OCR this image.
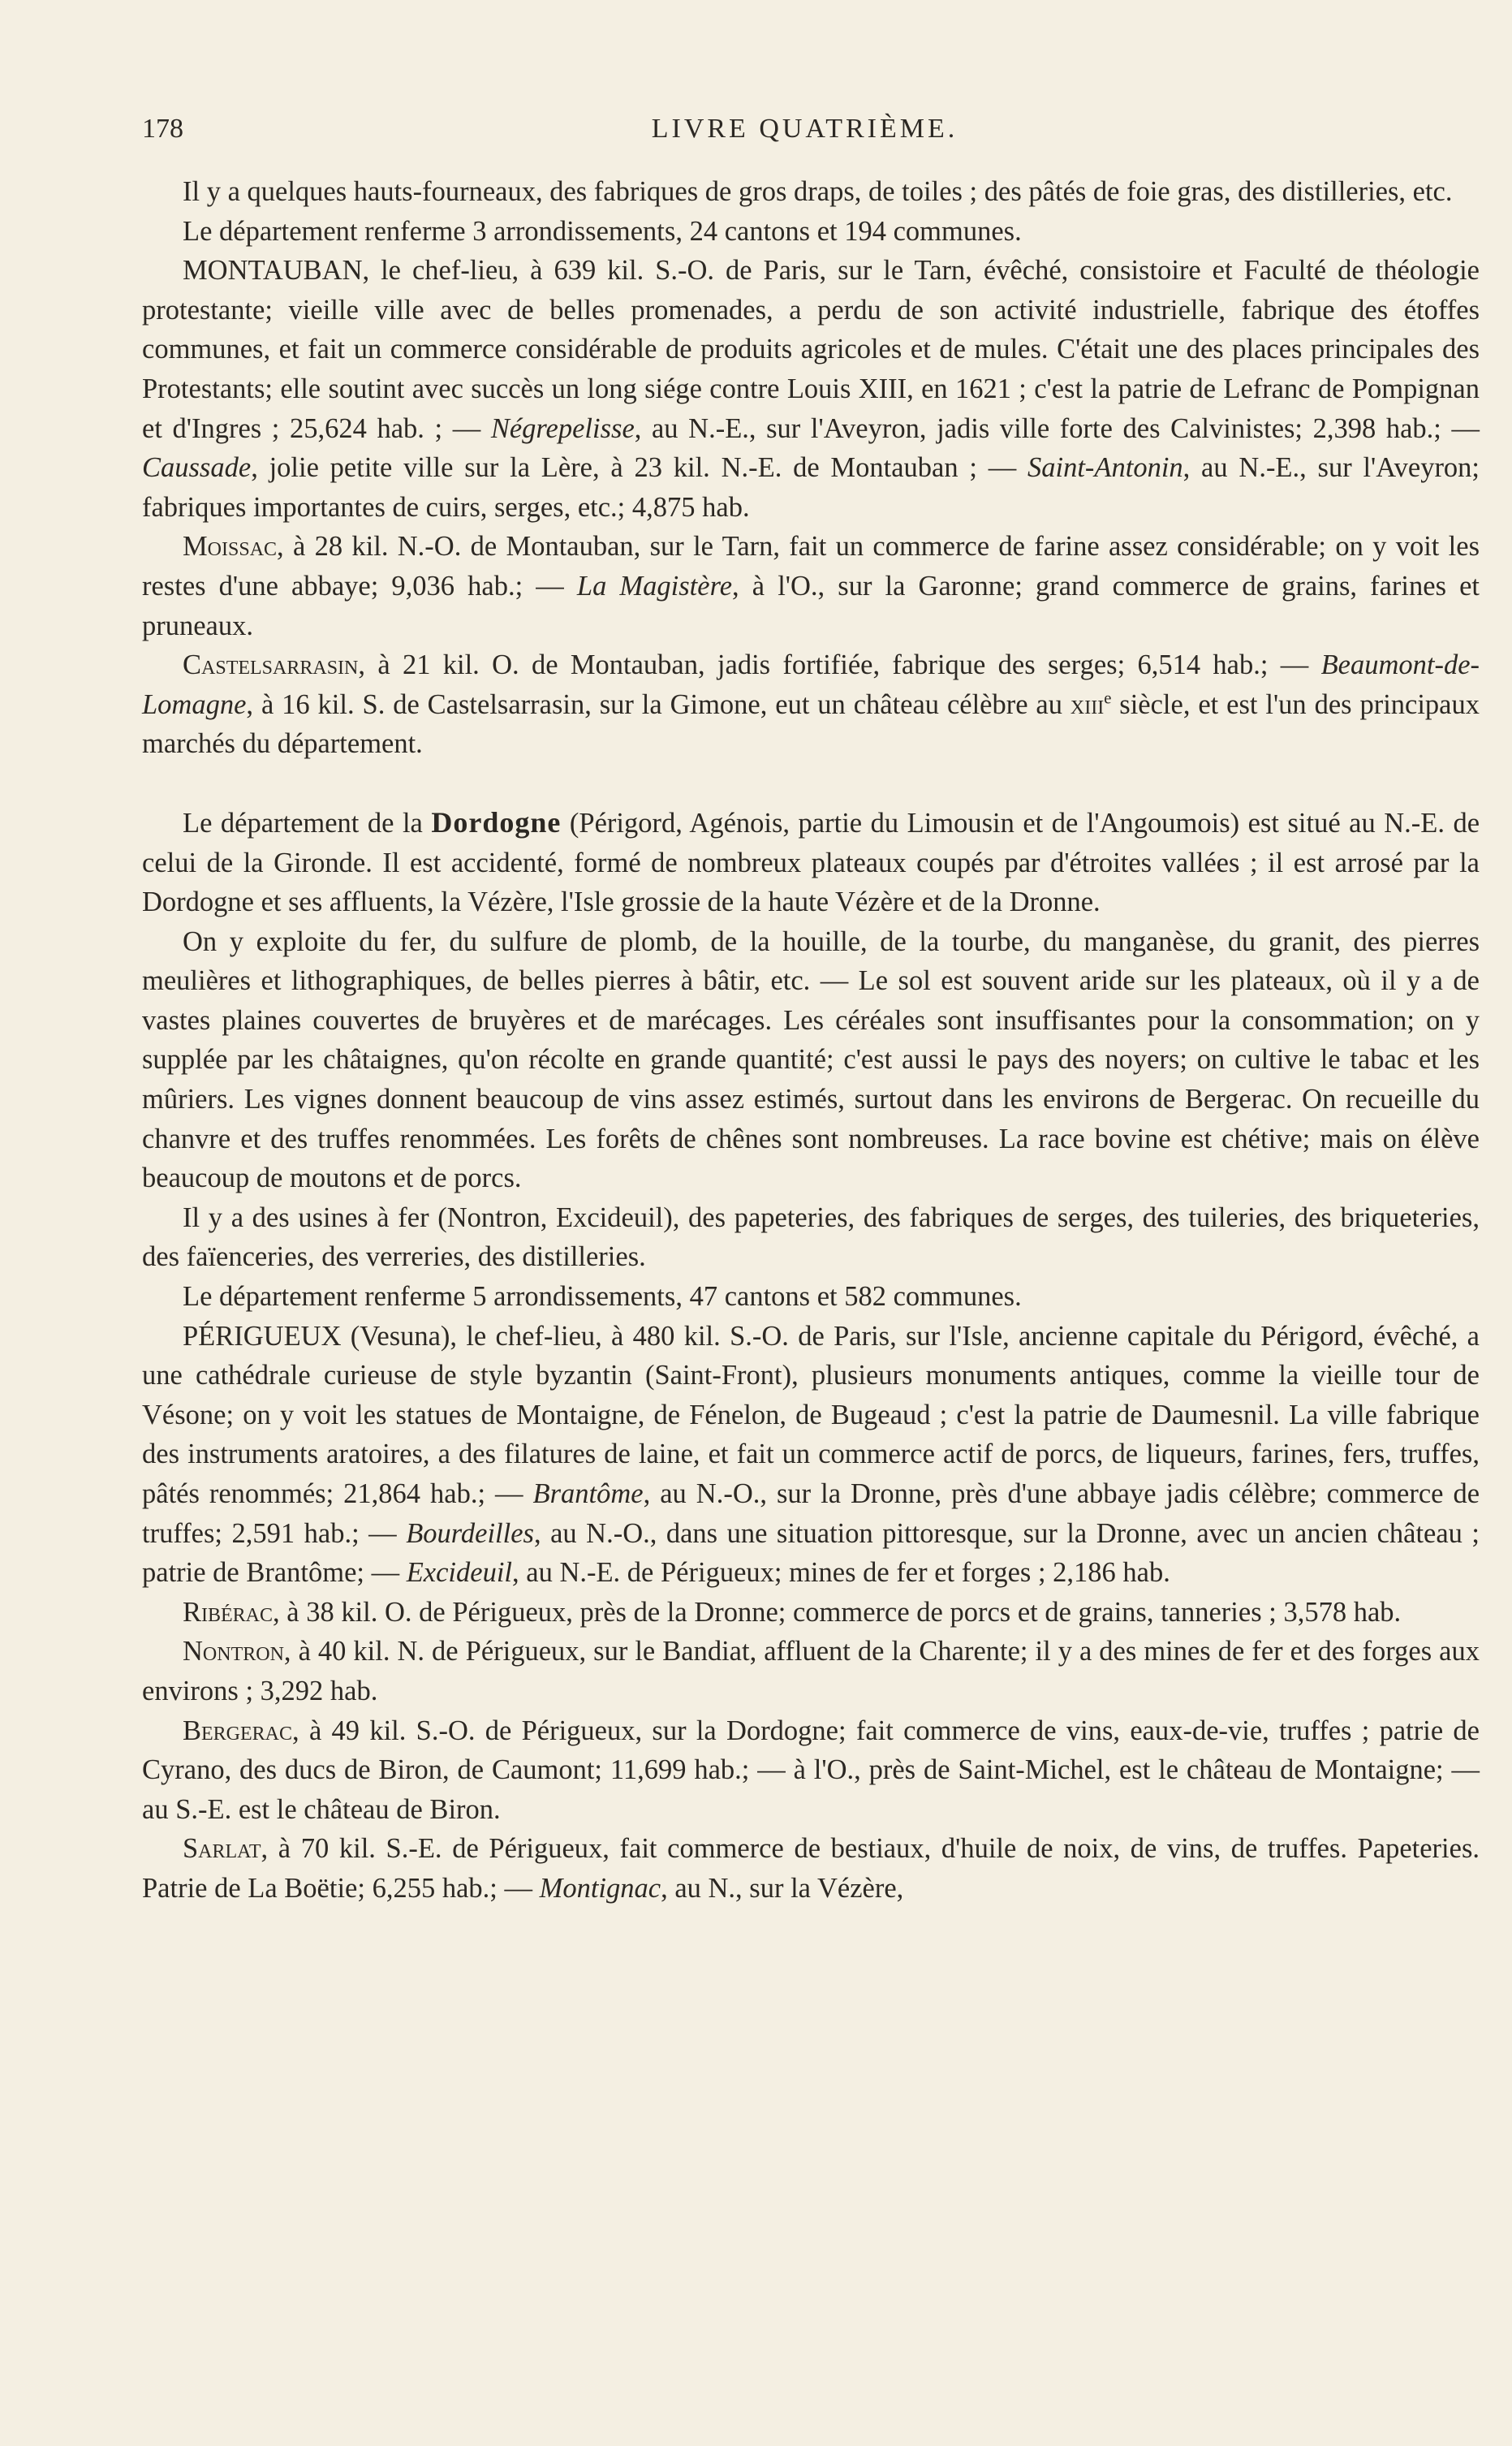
178	LIVRE QUATRIÈME.

Il y a quelques hauts-fourneaux, des fabriques de gros draps, de toiles ; des pâtés de foie gras, des distilleries, etc.

Le département renferme 3 arrondissements, 24 cantons et 194 communes.

MONTAUBAN, le chef-lieu, à 639 kil. S.-O. de Paris, sur le Tarn, évêché, consistoire et Faculté de théologie protestante; vieille ville avec de belles promenades, a perdu de son activité industrielle, fabrique des étoffes communes, et fait un commerce considérable de produits agricoles et de mules. C'était une des places principales des Protestants; elle soutint avec succès un long siége contre Louis XIII, en 1621 ; c'est la patrie de Lefranc de Pompignan et d'Ingres ; 25,624 hab. ; — Négrepelisse, au N.-E., sur l'Aveyron, jadis ville forte des Calvinistes; 2,398 hab.; — Caussade, jolie petite ville sur la Lère, à 23 kil. N.-E. de Montauban ; — Saint-Antonin, au N.-E., sur l'Aveyron; fabriques importantes de cuirs, serges, etc.; 4,875 hab.

Moissac, à 28 kil. N.-O. de Montauban, sur le Tarn, fait un commerce de farine assez considérable; on y voit les restes d'une abbaye; 9,036 hab.; — La Magistère, à l'O., sur la Garonne; grand commerce de grains, farines et pruneaux.

Castelsarrasin, à 21 kil. O. de Montauban, jadis fortifiée, fabrique des serges; 6,514 hab.; — Beaumont-de-Lomagne, à 16 kil. S. de Castelsarrasin, sur la Gimone, eut un château célèbre au xiii$^e$ siècle, et est l'un des principaux marchés du département.

Le département de la Dordogne (Périgord, Agénois, partie du Limousin et de l'Angoumois) est situé au N.-E. de celui de la Gironde. Il est accidenté, formé de nombreux plateaux coupés par d'étroites vallées ; il est arrosé par la Dordogne et ses affluents, la Vézère, l'Isle grossie de la haute Vézère et de la Dronne.

On y exploite du fer, du sulfure de plomb, de la houille, de la tourbe, du manganèse, du granit, des pierres meulières et lithographiques, de belles pierres à bâtir, etc. — Le sol est souvent aride sur les plateaux, où il y a de vastes plaines couvertes de bruyères et de marécages. Les céréales sont insuffisantes pour la consommation; on y supplée par les châtaignes, qu'on récolte en grande quantité; c'est aussi le pays des noyers; on cultive le tabac et les mûriers. Les vignes donnent beaucoup de vins assez estimés, surtout dans les environs de Bergerac. On recueille du chanvre et des truffes renommées. Les forêts de chênes sont nombreuses. La race bovine est chétive; mais on élève beaucoup de moutons et de porcs.

Il y a des usines à fer (Nontron, Excideuil), des papeteries, des fabriques de serges, des tuileries, des briqueteries, des faïenceries, des verreries, des distilleries.

Le département renferme 5 arrondissements, 47 cantons et 582 communes.

PÉRIGUEUX (Vesuna), le chef-lieu, à 480 kil. S.-O. de Paris, sur l'Isle, ancienne capitale du Périgord, évêché, a une cathédrale curieuse de style byzantin (Saint-Front), plusieurs monuments antiques, comme la vieille tour de Vésone; on y voit les statues de Montaigne, de Fénelon, de Bugeaud ; c'est la patrie de Daumesnil. La ville fabrique des instruments aratoires, a des filatures de laine, et fait un commerce actif de porcs, de liqueurs, farines, fers, truffes, pâtés renommés; 21,864 hab.; — Brantôme, au N.-O., sur la Dronne, près d'une abbaye jadis célèbre; commerce de truffes; 2,591 hab.; — Bourdeilles, au N.-O., dans une situation pittoresque, sur la Dronne, avec un ancien château ; patrie de Brantôme; — Excideuil, au N.-E. de Périgueux; mines de fer et forges ; 2,186 hab.

Ribérac, à 38 kil. O. de Périgueux, près de la Dronne; commerce de porcs et de grains, tanneries ; 3,578 hab.

Nontron, à 40 kil. N. de Périgueux, sur le Bandiat, affluent de la Charente; il y a des mines de fer et des forges aux environs ; 3,292 hab.

Bergerac, à 49 kil. S.-O. de Périgueux, sur la Dordogne; fait commerce de vins, eaux-de-vie, truffes ; patrie de Cyrano, des ducs de Biron, de Caumont; 11,699 hab.; — à l'O., près de Saint-Michel, est le château de Montaigne; — au S.-E. est le château de Biron.

Sarlat, à 70 kil. S.-E. de Périgueux, fait commerce de bestiaux, d'huile de noix, de vins, de truffes. Papeteries. Patrie de La Boëtie; 6,255 hab.; — Montignac, au N., sur la Vézère,
